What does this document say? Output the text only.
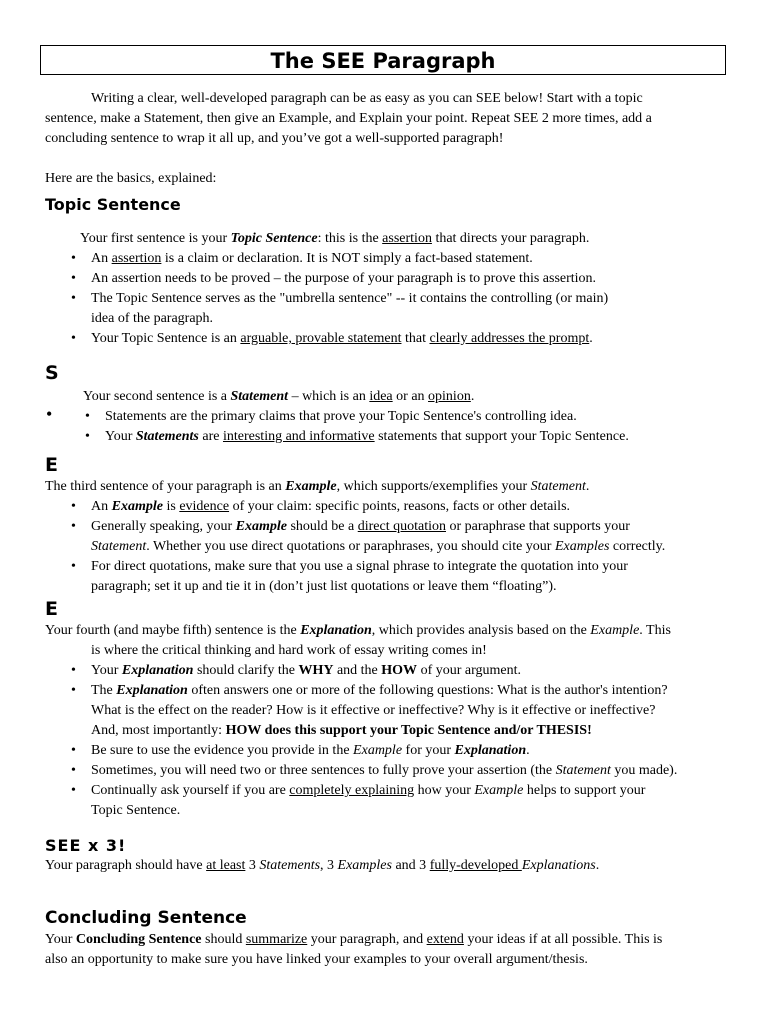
The SEE Paragraph

Writing a clear, well-developed paragraph can be as easy as you can SEE below! Start with a topic
sentence, make a Statement, then give an Example, and Explain your point. Repeat SEE 2 more times, add a
concluding sentence to wrap it all up, and you’ve got a well-supported paragraph!

Here are the basics, explained:

Topic Sentence

Your first sentence is your Topic Sentence: this is the assertion that directs your paragraph.

• An assertion is a claim or declaration. It is NOT simply a fact-based statement.
• An assertion needs to be proved – the purpose of your paragraph is to prove this assertion.
• The Topic Sentence serves as the "umbrella sentence" -- it contains the controlling (or main)
idea of the paragraph.
• Your Topic Sentence is an arguable, provable statement that clearly addresses the prompt.
S

Your second sentence is a Statement – which is an idea or an opinion.

• Statements are the primary claims that prove your Topic Sentence's controlling idea.
• Your Statements are interesting and informative statements that support your Topic Sentence.
•
E

The third sentence of your paragraph is an Example, which supports/exemplifies your Statement.

• An Example is evidence of your claim: specific points, reasons, facts or other details.
• Generally speaking, your Example should be a direct quotation or paraphrase that supports your
Statement. Whether you use direct quotations or paraphrases, you should cite your Examples correctly.
• For direct quotations, make sure that you use a signal phrase to integrate the quotation into your
paragraph; set it up and tie it in (don’t just list quotations or leave them “floating”).
E

Your fourth (and maybe fifth) sentence is the Explanation, which provides analysis based on the Example. This
is where the critical thinking and hard work of essay writing comes in!

• Your Explanation should clarify the WHY and the HOW of your argument.
• The Explanation often answers one or more of the following questions: What is the author's intention?
What is the effect on the reader? How is it effective or ineffective? Why is it effective or ineffective?
And, most importantly: HOW does this support your Topic Sentence and/or THESIS!
• Be sure to use the evidence you provide in the Example for your Explanation.
• Sometimes, you will need two or three sentences to fully prove your assertion (the Statement you made).
• Continually ask yourself if you are completely explaining how your Example helps to support your
Topic Sentence.
SEE x 3!

Your paragraph should have at least 3 Statements, 3 Examples and 3 fully-developed Explanations.

Concluding Sentence

Your Concluding Sentence should summarize your paragraph, and extend your ideas if at all possible. This is
also an opportunity to make sure you have linked your examples to your overall argument/thesis.
